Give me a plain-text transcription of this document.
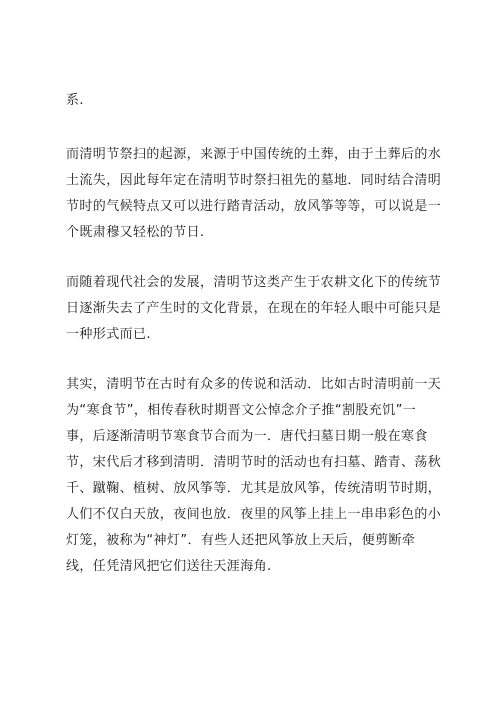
系.
而清明节祭扫的起源，来源于中国传统的土葬，由于土葬后的水
土流失，因此每年定在清明节时祭扫祖先的墓地．同时结合清明
节时的气候特点又可以进行踏青活动，放风筝等等，可以说是一
个既肃穆又轻松的节日.
而随着现代社会的发展，清明节这类产生于农耕文化下的传统节
日逐渐失去了产生时的文化背景，在现在的年轻人眼中可能只是
一种形式而已.
其实，清明节在古时有众多的传说和活动．比如古时清明前一天
为“寒食节”，相传春秋时期晋文公悼念介子推“割股充饥”一
事，后逐渐清明节寒食节合而为一．唐代扫墓日期一般在寒食
节，宋代后才移到清明．清明节时的活动也有扫墓、踏青、荡秋
千、蹴鞠、植树、放风筝等．尤其是放风筝，传统清明节时期，
人们不仅白天放，夜间也放．夜里的风筝上挂上一串串彩色的小
灯笼，被称为“神灯”．有些人还把风筝放上天后，便剪断牵
线，任凭清风把它们送往天涯海角.
